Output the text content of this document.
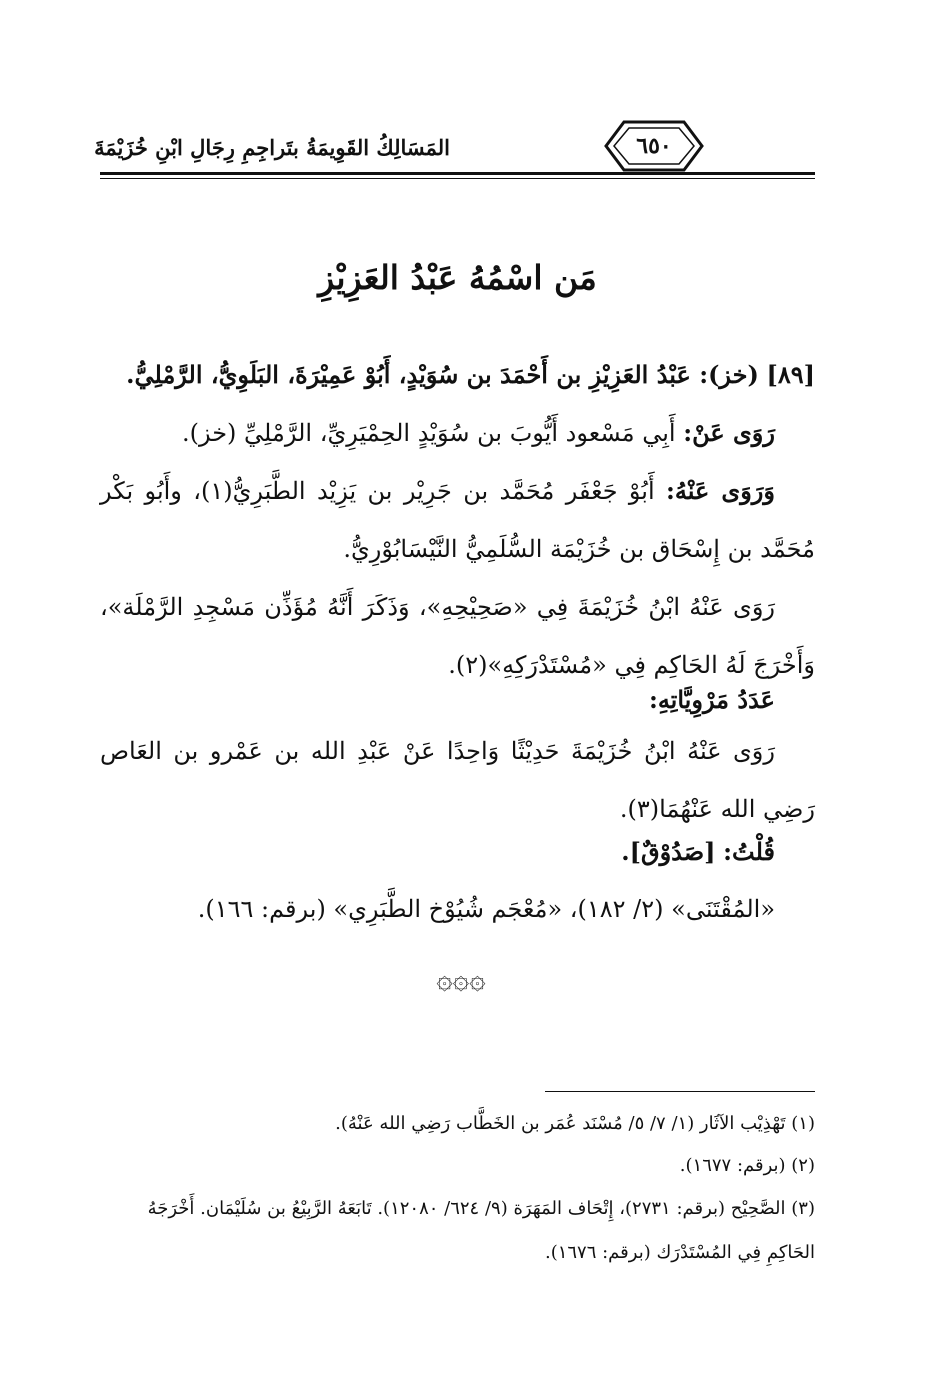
المَسَالِكُ القَوِيمَةُ بتَراجِمِ رِجَالِ ابْنِ خُزَيْمَةَ	٦٥٠
مَن اسْمُهُ عَبْدُ العَزِيْزِ
[٨٩] (خز): عَبْدُ العَزِيْزِ بن أَحْمَدَ بن سُوَيْدٍ، أَبُوْ عَمِيْرَةَ، البَلَوِيُّ، الرَّمْلِيُّ.
رَوَى عَنْ: أَبِي مَسْعود أَيُّوبَ بن سُوَيْدٍ الحِمْيَرِيِّ، الرَّمْلِيِّ (خز).
وَرَوَى عَنْهُ: أَبُوْ جَعْفَر مُحَمَّد بن جَرِيْر بن يَزِيْد الطَّبَرِيُّ(١)، وأَبُو بَكْر مُحَمَّد بن إِسْحَاق بن خُزَيْمَة السُّلَمِيُّ النَّيْسَابُوْرِيُّ.
رَوَى عَنْهُ ابْنُ خُزَيْمَةَ فِي «صَحِيْحِهِ»، وَذَكَرَ أَنَّهُ مُؤَذِّن مَسْجِدِ الرَّمْلَة»، وَأَخْرَجَ لَهُ الحَاكِم فِي «مُسْتَدْرَكِهِ»(٢).
عَدَدُ مَرْوِيَّاتِهِ:
رَوَى عَنْهُ ابْنُ خُزَيْمَةَ حَدِيْثًا وَاحِدًا عَنْ عَبْدِ الله بن عَمْرو بن العَاص رَضِي الله عَنْهُمَا(٣).
قُلْتُ: [صَدُوْقٌ].
«المُقْتَنَى» (٢/ ١٨٢)، «مُعْجَم شُيُوْخ الطَّبَرِي» (برقم: ١٦٦).
۞۞۞
(١) تَهْذِيْب الآثَار (١/ ٧/ ٥/ مُسْنَد عُمَر بن الخَطَّاب رَضِي الله عَنْهُ).
(٢) (برقم: ١٦٧٧).
(٣) الصَّحِيْح (برقم: ٢٧٣١)، إِتْحَاف المَهَرَة (٩/ ٦٢٤/ ١٢٠٨٠). تَابَعَهُ الرَّبِيْعُ بن سُلَيْمَان. أَخْرَجَهُ الحَاكِمِ فِي المُسْتَدْرَك (برقم: ١٦٧٦).
